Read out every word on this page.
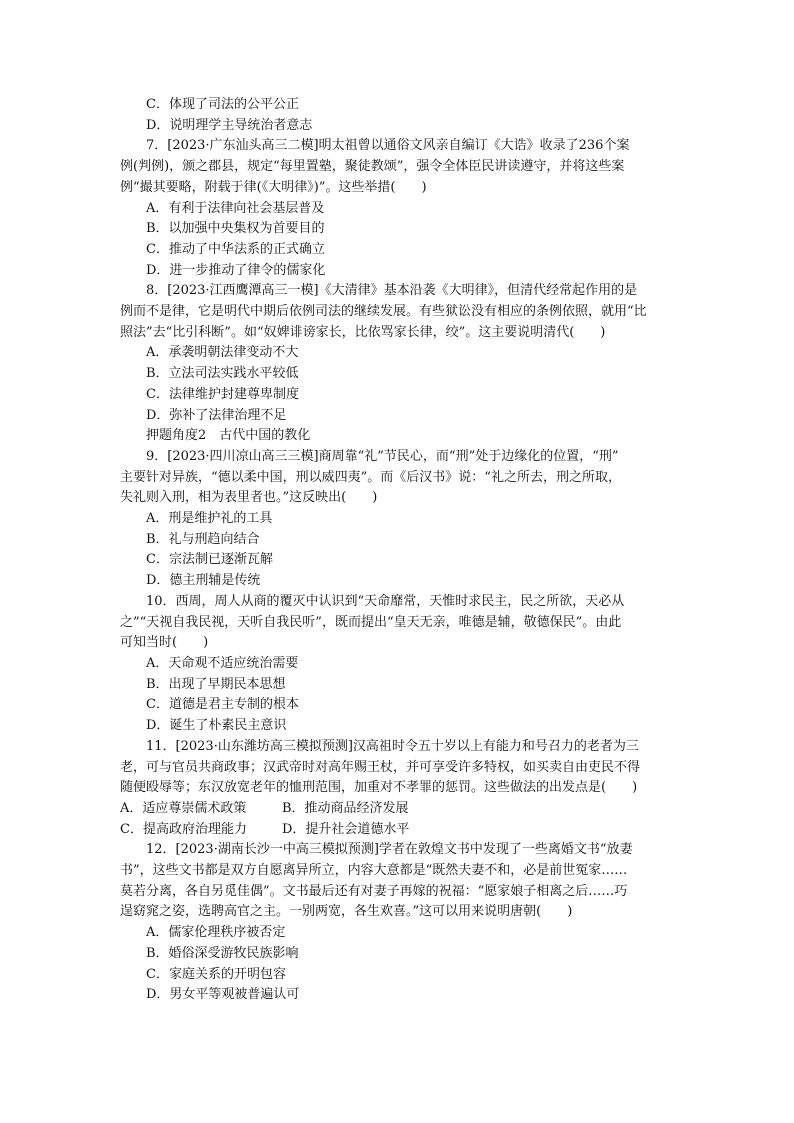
C．体现了司法的公平公正
D．说明理学主导统治者意志
7．[2023·广东汕头高三二模]明太祖曾以通俗文风亲自编订《大诰》收录了236个案
例(判例)，颁之郡县，规定“每里置塾，聚徒教颂”，强令全体臣民讲读遵守，并将这些案
例“撮其要略，附载于律(《大明律》)”。这些举措(　　)
A．有利于法律向社会基层普及
B．以加强中央集权为首要目的
C．推动了中华法系的正式确立
D．进一步推动了律令的儒家化
8．[2023·江西鹰潭高三一模]《大清律》基本沿袭《大明律》，但清代经常起作用的是
例而不是律，它是明代中期后依例司法的继续发展。有些狱讼没有相应的条例依照，就用“比
照法”去“比引科断”。如“奴婢诽谤家长，比依骂家长律，绞”。这主要说明清代(　　)
A．承袭明朝法律变动不大
B．立法司法实践水平较低
C．法律维护封建尊卑制度
D．弥补了法律治理不足
押题角度2　古代中国的教化
9．[2023·四川凉山高三三模]商周靠“礼”节民心，而“刑”处于边缘化的位置，“刑”
主要针对异族，“德以柔中国，刑以威四夷”。而《后汉书》说：“礼之所去，刑之所取，
失礼则入刑，相为表里者也。”这反映出(　　)
A．刑是维护礼的工具
B．礼与刑趋向结合
C．宗法制已逐渐瓦解
D．德主刑辅是传统
10．西周，周人从商的覆灭中认识到“天命靡常，天惟时求民主，民之所欲，天必从
之”“天视自我民视，天听自我民听”，既而提出“皇天无亲，唯德是辅，敬德保民”。由此
可知当时(　　)
A．天命观不适应统治需要
B．出现了早期民本思想
C．道德是君主专制的根本
D．诞生了朴素民主意识
11．[2023·山东潍坊高三模拟预测]汉高祖时令五十岁以上有能力和号召力的老者为三
老，可与官员共商政事；汉武帝时对高年赐王杖，并可享受许多特权，如买卖自由吏民不得
随便殴辱等；东汉放宽老年的恤刑范围，加重对不孝罪的惩罚。这些做法的出发点是(　　)
A．适应尊崇儒术政策	B．推动商品经济发展
C．提高政府治理能力	D．提升社会道德水平
12．[2023·湖南长沙一中高三模拟预测]学者在敦煌文书中发现了一些离婚文书“放妻
书”，这些文书都是双方自愿离异所立，内容大意都是“既然夫妻不和，必是前世冤家……
莫若分离，各自另觅佳偶”。文书最后还有对妻子再嫁的祝福：“愿家娘子相离之后……巧
逞窈窕之姿，选聘高官之主。一别两宽，各生欢喜。”这可以用来说明唐朝(　　)
A．儒家伦理秩序被否定
B．婚俗深受游牧民族影响
C．家庭关系的开明包容
D．男女平等观被普遍认可
